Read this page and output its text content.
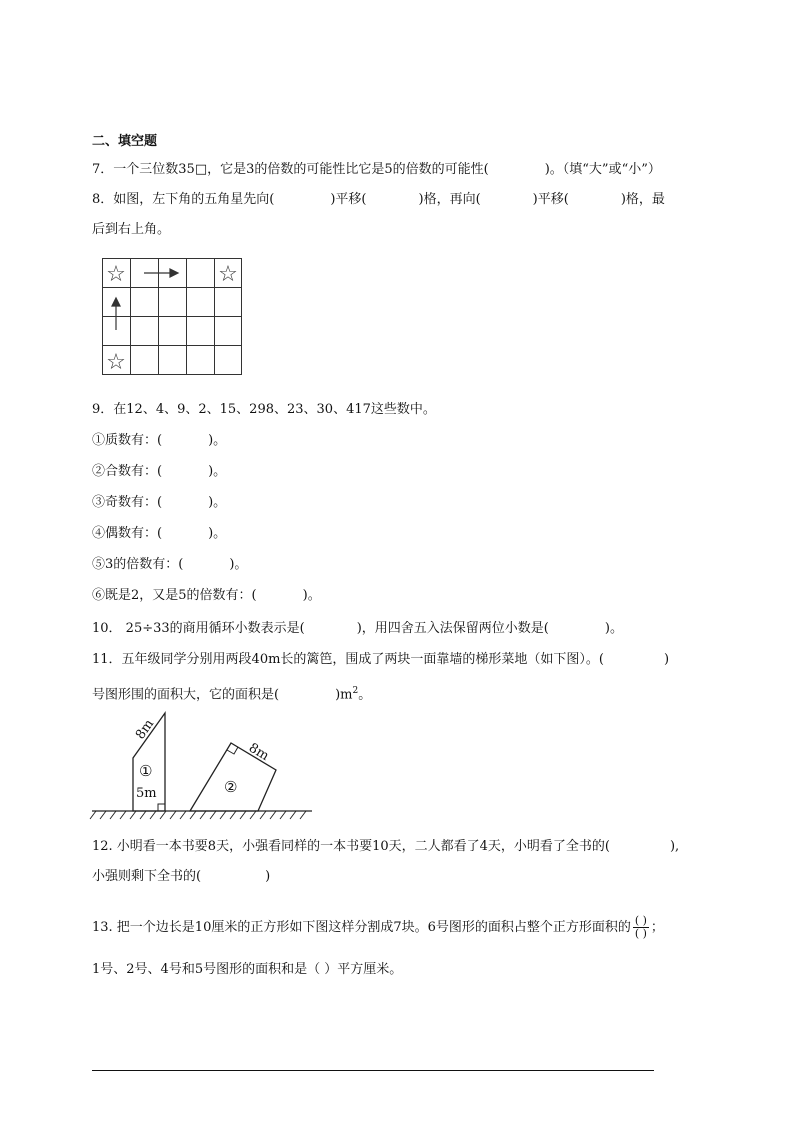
二、填空题
7．一个三位数35□，它是3的倍数的可能性比它是5的倍数的可能性(	)。（填“大”或“小”）
8．如图，左下角的五角星先向(	)平移(	)格，再向(	)平移(	)格，最
后到右上角。
☆	☆
☆
9．在12、4、9、2、15、298、23、30、417这些数中。
①质数有：(	)。
②合数有：(	)。
③奇数有：(	)。
④偶数有：(	)。
⑤3的倍数有：(	)。
⑥既是2，又是5的倍数有：(	)。
10． 25÷33的商用循环小数表示是(	)，用四舍五入法保留两位小数是(	)。
11．五年级同学分别用两段40m长的篱笆，围成了两块一面靠墙的梯形菜地（如下图）。(	)
号图形围的面积大，它的面积是(	)$m^2$。
8m
①
5m
8m
②
12. 小明看一本书要8天，小强看同样的一本书要10天，二人都看了4天，小明看了全书的(	),
小强则剩下全书的(	)
13. 把一个边长是10厘米的正方形如下图这样分割成7块。6号图形的面积占整个正方形面积的 $\frac{( )}{( )}$ ；
1号、2号、4号和5号图形的面积和是（ ）平方厘米。
